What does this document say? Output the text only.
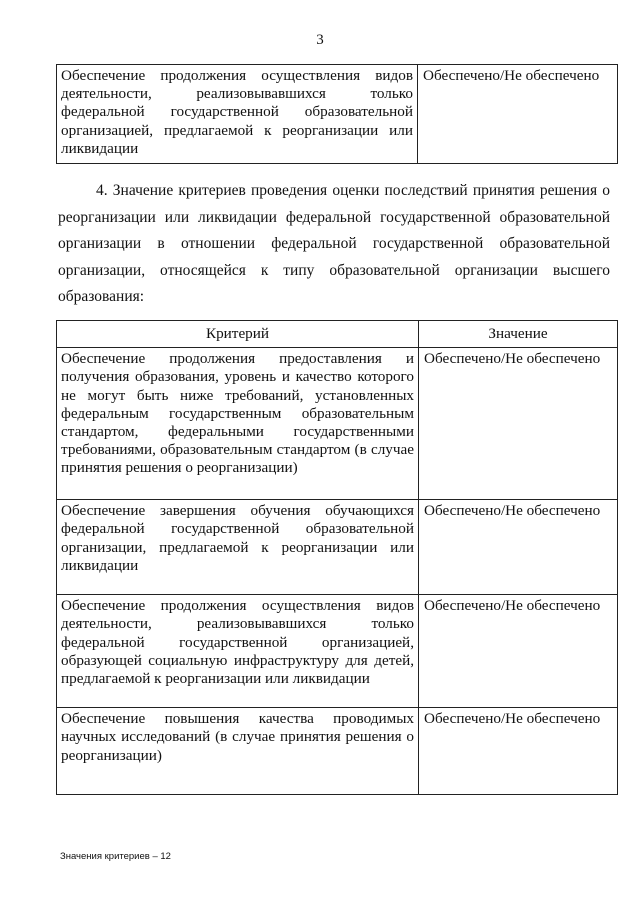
3
Обеспечение продолжения осуществления видов деятельности, реализовывавшихся только федеральной государственной образовательной организацией, предлагаемой к реорганизации или ликвидации	Обеспечено/Не обеспечено
4. Значение критериев проведения оценки последствий принятия решения о реорганизации или ликвидации федеральной государственной образовательной организации в отношении федеральной государственной образовательной организации, относящейся к типу образовательной организации высшего образования:
Критерий	Значение
Обеспечение продолжения предоставления и получения образования, уровень и качество которого не могут быть ниже требований, установленных федеральным государственным образовательным стандартом, федеральными государственными требованиями, образовательным стандартом (в случае принятия решения о реорганизации)	Обеспечено/Не обеспечено
Обеспечение завершения обучения обучающихся федеральной государственной образовательной организации, предлагаемой к реорганизации или ликвидации	Обеспечено/Не обеспечено
Обеспечение продолжения осуществления видов деятельности, реализовывавшихся только федеральной государственной организацией, образующей социальную инфраструктуру для детей, предлагаемой к реорганизации или ликвидации	Обеспечено/Не обеспечено
Обеспечение повышения качества проводимых научных исследований (в случае принятия решения о реорганизации)	Обеспечено/Не обеспечено
Значения критериев – 12
